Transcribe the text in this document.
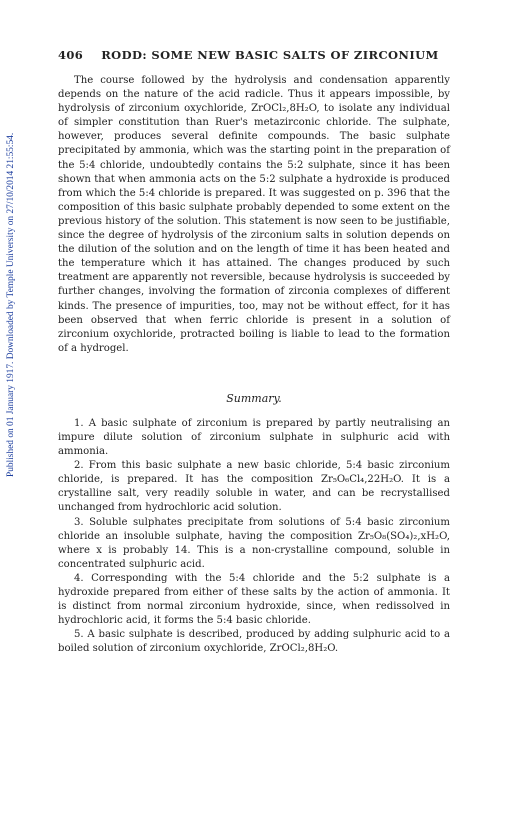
Published on 01 January 1917. Downloaded by Temple University on 27/10/2014 21:55:54.
406 RODD: SOME NEW BASIC SALTS OF ZIRCONIUM

The course followed by the hydrolysis and condensation apparently depends on the nature of the acid radicle. Thus it appears impossible, by hydrolysis of zirconium oxychloride, ZrOCl₂,8H₂O, to isolate any individual of simpler constitution than Ruer's metazirconic chloride. The sulphate, however, produces several definite compounds. The basic sulphate precipitated by ammonia, which was the starting point in the preparation of the 5:4 chloride, undoubtedly contains the 5:2 sulphate, since it has been shown that when ammonia acts on the 5:2 sulphate a hydroxide is produced from which the 5:4 chloride is prepared. It was suggested on p. 396 that the composition of this basic sulphate probably depended to some extent on the previous history of the solution. This statement is now seen to be justifiable, since the degree of hydrolysis of the zirconium salts in solution depends on the dilution of the solution and on the length of time it has been heated and the temperature which it has attained. The changes produced by such treatment are apparently not reversible, because hydrolysis is succeeded by further changes, involving the formation of zirconia complexes of different kinds. The presence of impurities, too, may not be without effect, for it has been observed that when ferric chloride is present in a solution of zirconium oxychloride, protracted boiling is liable to lead to the formation of a hydrogel.

Summary.

1. A basic sulphate of zirconium is prepared by partly neutralising an impure dilute solution of zirconium sulphate in sulphuric acid with ammonia.

2. From this basic sulphate a new basic chloride, 5:4 basic zirconium chloride, is prepared. It has the composition Zr₅O₆Cl₄,22H₂O. It is a crystalline salt, very readily soluble in water, and can be recrystallised unchanged from hydrochloric acid solution.

3. Soluble sulphates precipitate from solutions of 5:4 basic zirconium chloride an insoluble sulphate, having the composition Zr₅O₈(SO₄)₂,xH₂O, where x is probably 14. This is a non-crystalline compound, soluble in concentrated sulphuric acid.

4. Corresponding with the 5:4 chloride and the 5:2 sulphate is a hydroxide prepared from either of these salts by the action of ammonia. It is distinct from normal zirconium hydroxide, since, when redissolved in hydrochloric acid, it forms the 5:4 basic chloride.

5. A basic sulphate is described, produced by adding sulphuric acid to a boiled solution of zirconium oxychloride, ZrOCl₂,8H₂O.
